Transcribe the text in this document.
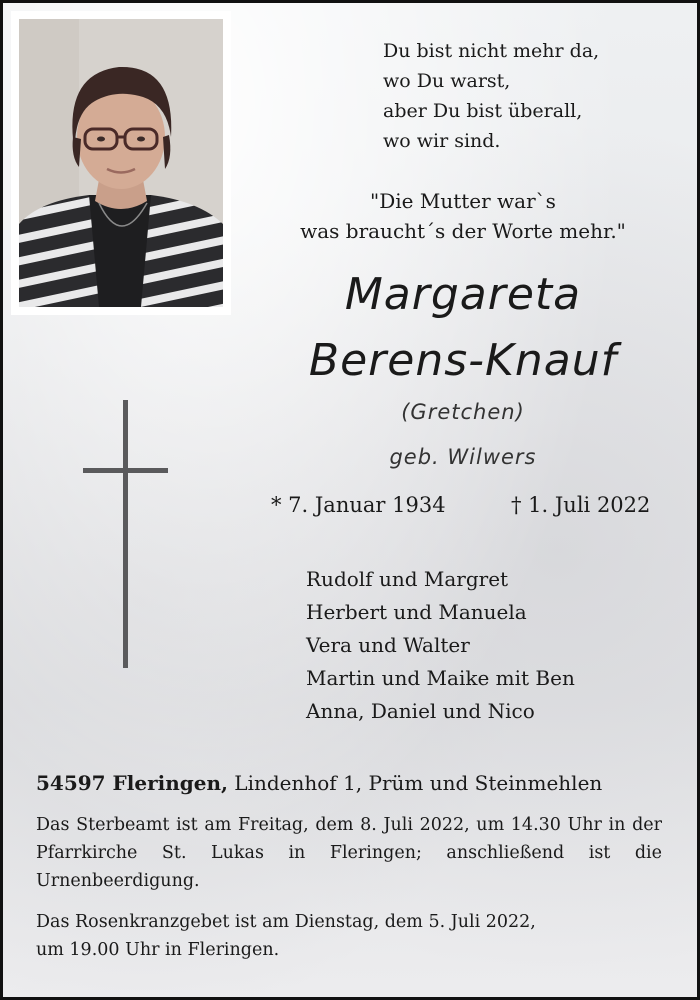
Du bist nicht mehr da,
wo Du warst,
aber Du bist überall,
wo wir sind.
"Die Mutter war`s
was braucht´s der Worte mehr."
Margareta
Berens-Knauf
(Gretchen)
geb. Wilwers
* 7. Januar 1934	† 1. Juli 2022
Rudolf und Margret
Herbert und Manuela
Vera und Walter
Martin und Maike mit Ben
Anna, Daniel und Nico
54597 Fleringen, Lindenhof 1, Prüm und Steinmehlen
Das Sterbeamt ist am Freitag, dem 8. Juli 2022, um 14.30 Uhr in der Pfarrkirche St. Lukas in Fleringen; anschließend ist die Urnenbeerdigung.
Das Rosenkranzgebet ist am Dienstag, dem 5. Juli 2022,
um 19.00 Uhr in Fleringen.
